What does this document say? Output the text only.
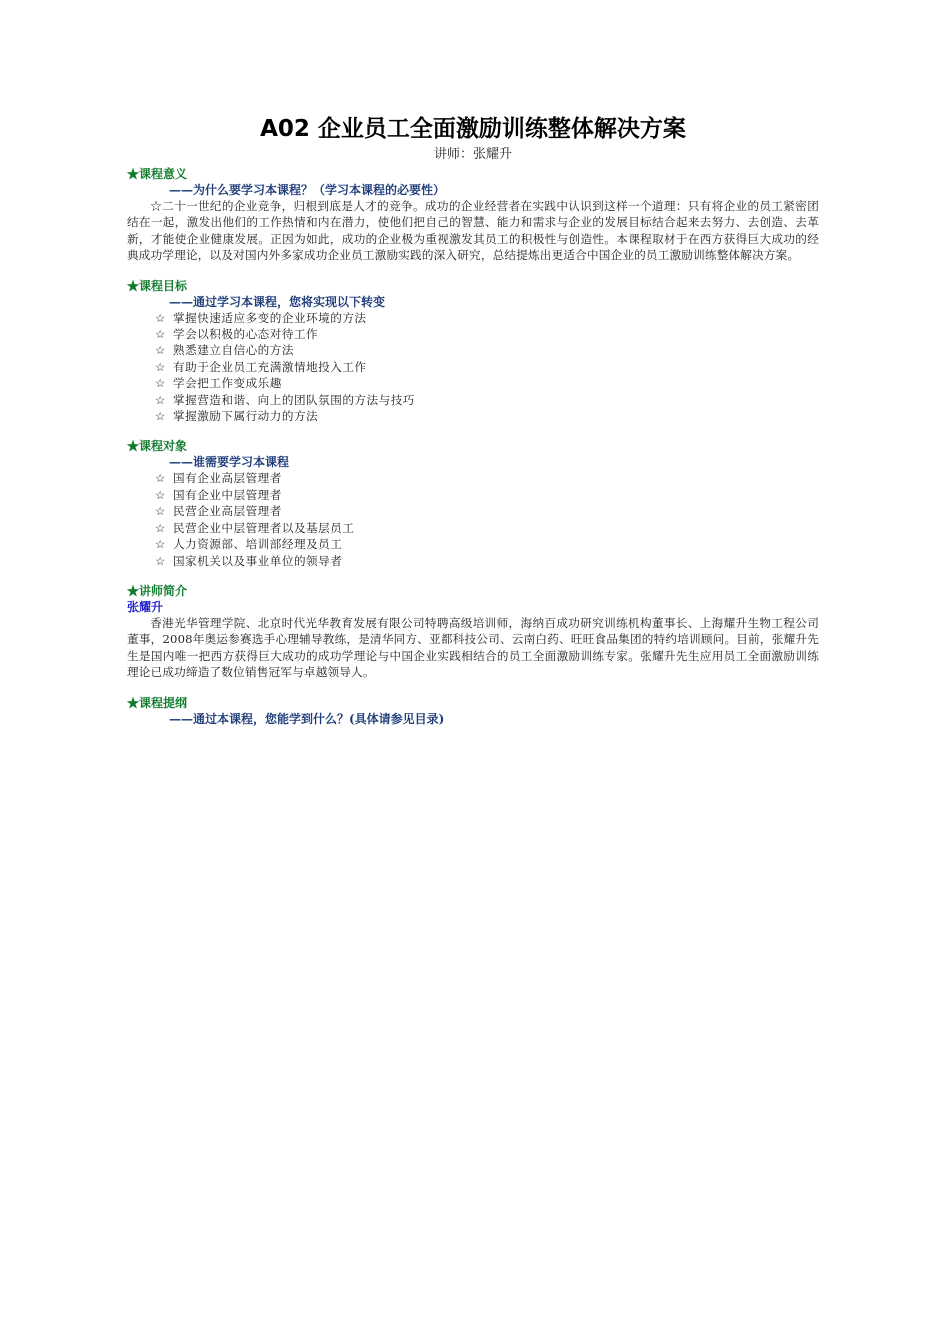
A02 企业员工全面激励训练整体解决方案

讲师：张耀升

★课程意义

——为什么要学习本课程？（学习本课程的必要性）

☆二十一世纪的企业竞争，归根到底是人才的竞争。成功的企业经营者在实践中认识到这样一个道理：只有将企业的员工紧密团结在一起，激发出他们的工作热情和内在潜力，使他们把自己的智慧、能力和需求与企业的发展目标结合起来去努力、去创造、去革新，才能使企业健康发展。正因为如此，成功的企业极为重视激发其员工的积极性与创造性。本课程取材于在西方获得巨大成功的经典成功学理论，以及对国内外多家成功企业员工激励实践的深入研究，总结提炼出更适合中国企业的员工激励训练整体解决方案。

★课程目标

——通过学习本课程，您将实现以下转变

☆ 掌握快速适应多变的企业环境的方法
☆ 学会以积极的心态对待工作
☆ 熟悉建立自信心的方法
☆ 有助于企业员工充满激情地投入工作
☆ 学会把工作变成乐趣
☆ 掌握营造和谐、向上的团队氛围的方法与技巧
☆ 掌握激励下属行动力的方法

★课程对象

——谁需要学习本课程

☆ 国有企业高层管理者
☆ 国有企业中层管理者
☆ 民营企业高层管理者
☆ 民营企业中层管理者以及基层员工
☆ 人力资源部、培训部经理及员工
☆ 国家机关以及事业单位的领导者

★讲师简介

张耀升

香港光华管理学院、北京时代光华教育发展有限公司特聘高级培训师，海纳百成功研究训练机构董事长、上海耀升生物工程公司董事，2008年奥运参赛选手心理辅导教练，是清华同方、亚都科技公司、云南白药、旺旺食品集团的特约培训顾问。目前，张耀升先生是国内唯一把西方获得巨大成功的成功学理论与中国企业实践相结合的员工全面激励训练专家。张耀升先生应用员工全面激励训练理论已成功缔造了数位销售冠军与卓越领导人。

★课程提纲

——通过本课程，您能学到什么？(具体请参见目录)
